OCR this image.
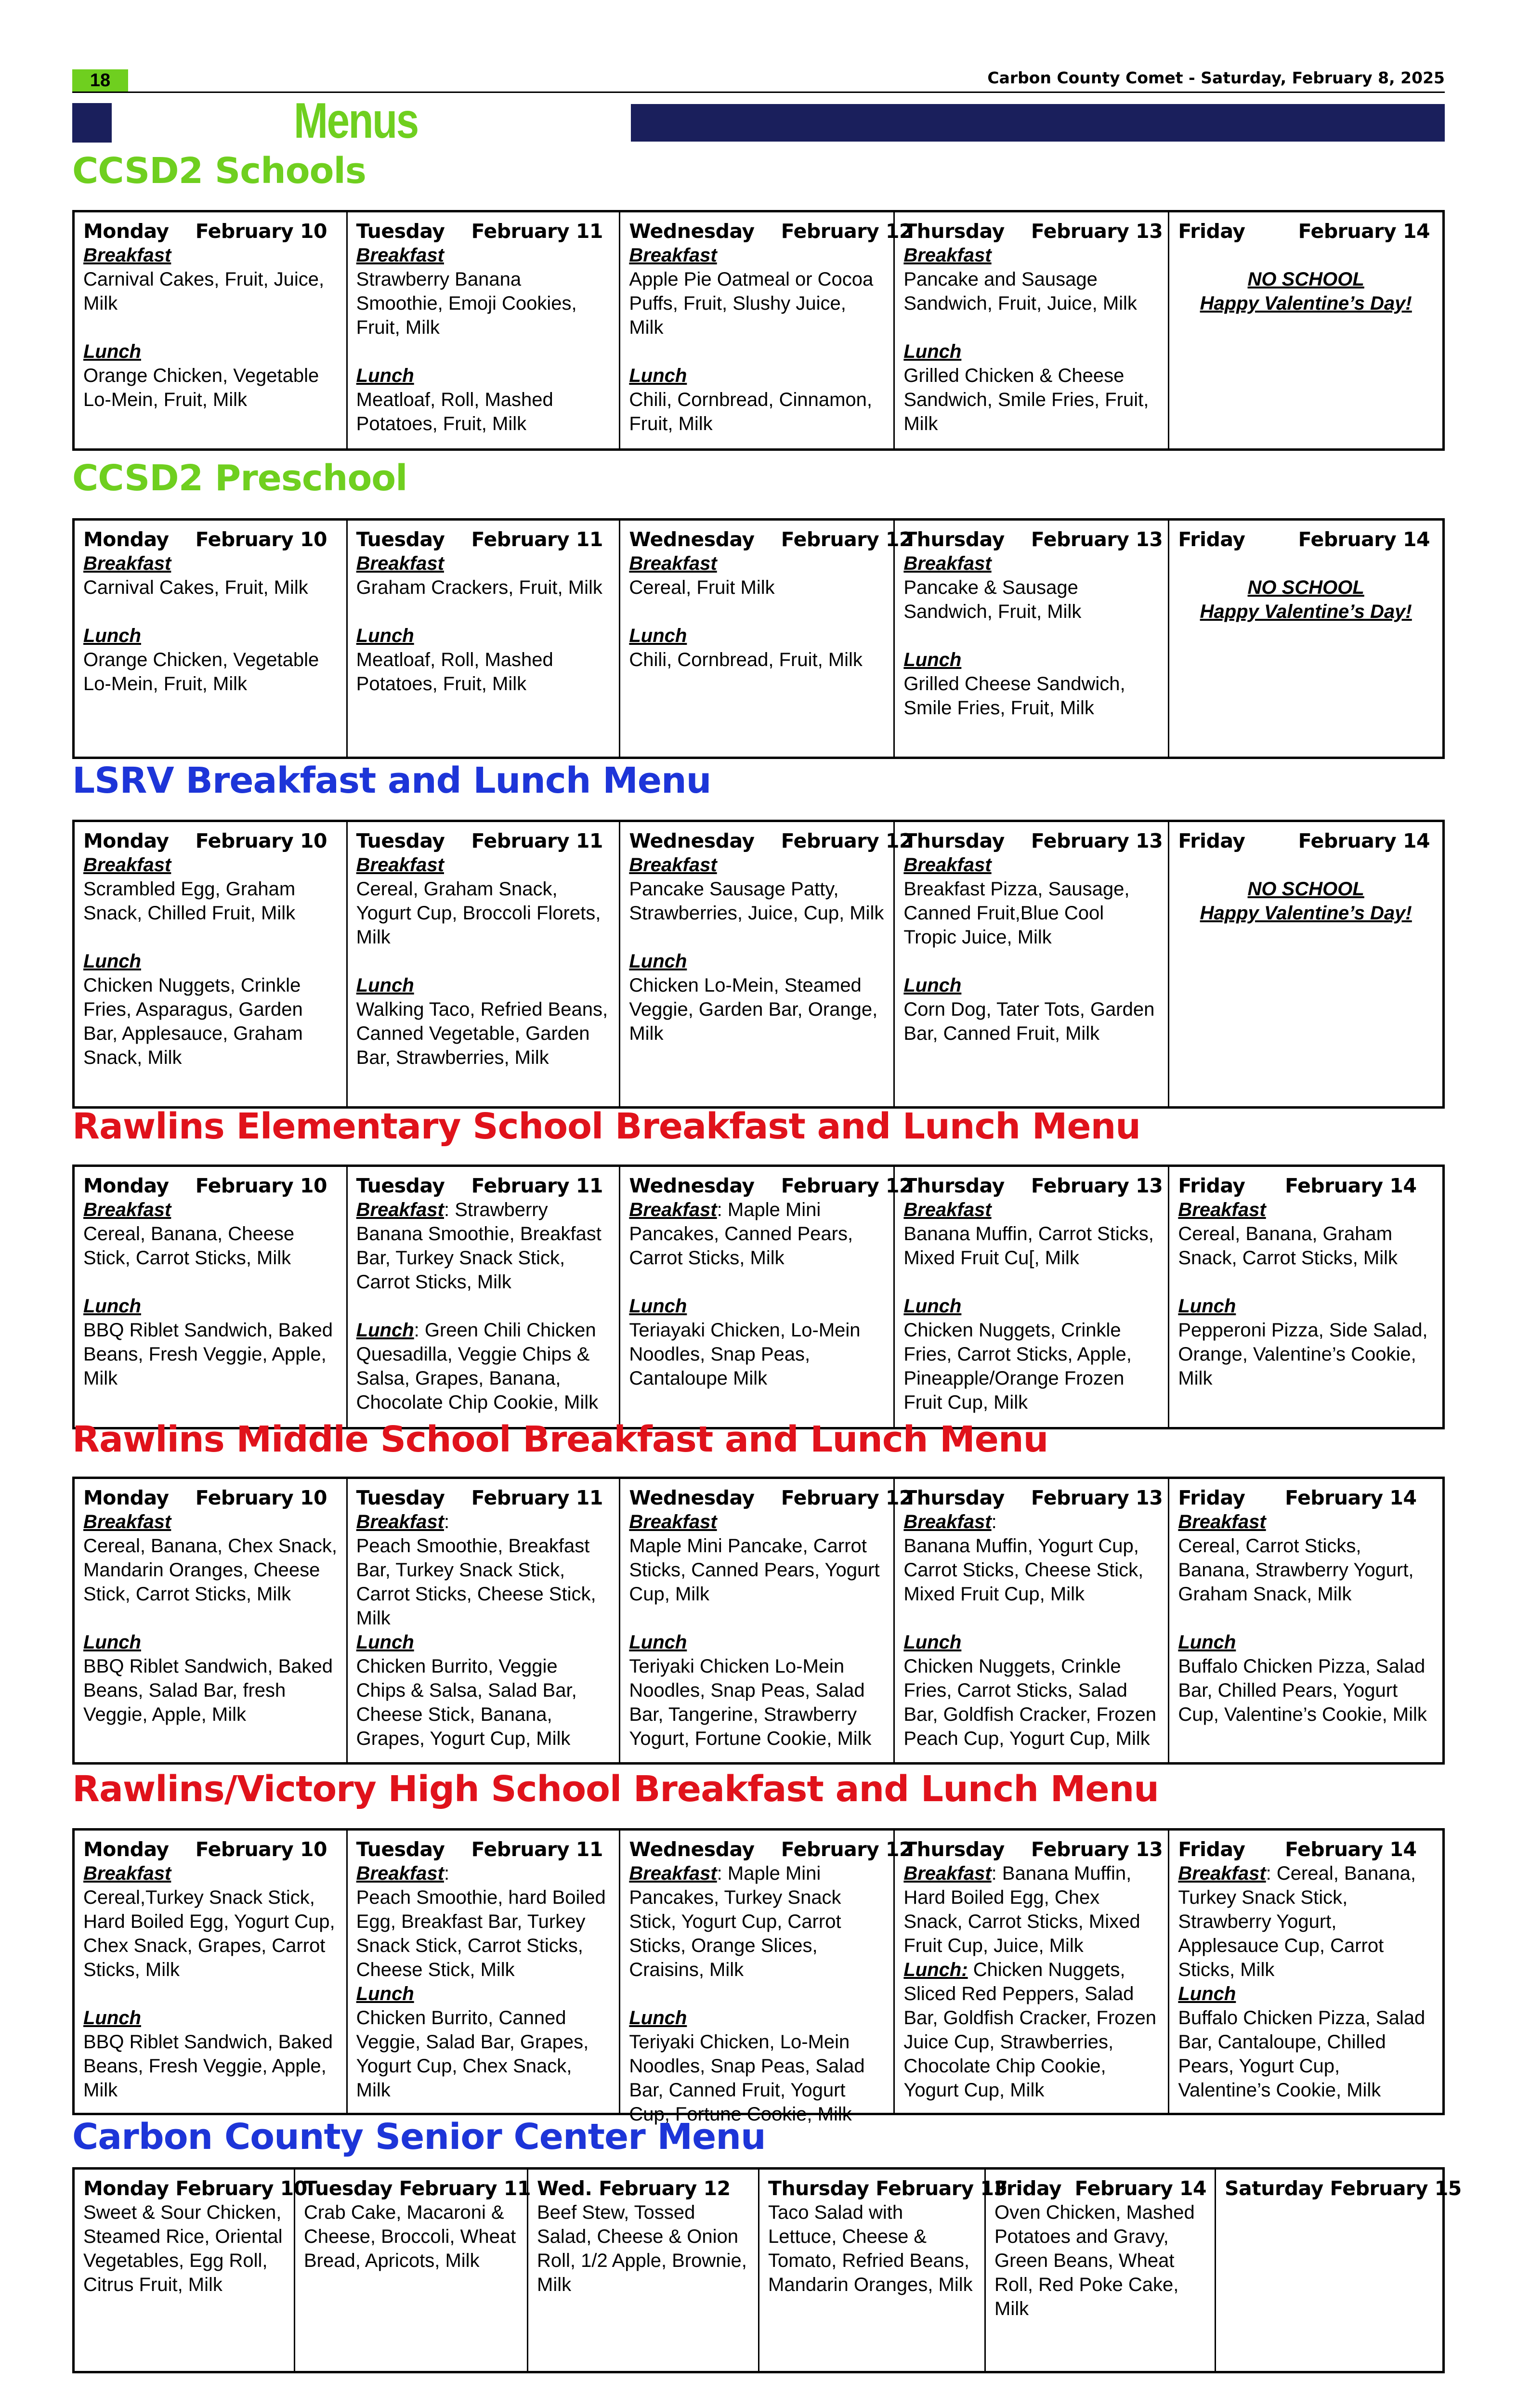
18	Carbon County Comet - Saturday, February 8, 2025
Menus
CCSD2 Schools
Monday    February 10
Breakfast
Carnival Cakes, Fruit, Juice, Milk
Lunch
Orange Chicken, Vegetable Lo-Mein, Fruit, Milk
Tuesday    February 11
Breakfast
Strawberry Banana Smoothie, Emoji Cookies, Fruit, Milk
Lunch
Meatloaf, Roll, Mashed Potatoes, Fruit, Milk
Wednesday    February 12
Breakfast
Apple Pie Oatmeal or Cocoa Puffs, Fruit, Slushy Juice, Milk
Lunch
Chili, Cornbread, Cinnamon, Fruit, Milk
Thursday    February 13
Breakfast
Pancake and Sausage Sandwich, Fruit, Juice, Milk
Lunch
Grilled Chicken & Cheese Sandwich, Smile Fries, Fruit, Milk
Friday        February 14
NO SCHOOL
Happy Valentine’s Day!
CCSD2 Preschool
Monday    February 10
Breakfast
Carnival Cakes, Fruit, Milk
Lunch
Orange Chicken, Vegetable Lo-Mein, Fruit, Milk
Tuesday    February 11
Breakfast
Graham Crackers, Fruit, Milk
Lunch
Meatloaf, Roll, Mashed Potatoes, Fruit, Milk
Wednesday    February 12
Breakfast
Cereal, Fruit Milk
Lunch
Chili, Cornbread, Fruit, Milk
Thursday    February 13
Breakfast
Pancake & Sausage Sandwich, Fruit, Milk
Lunch
Grilled Cheese Sandwich, Smile Fries, Fruit, Milk
Friday        February 14
NO SCHOOL
Happy Valentine’s Day!
LSRV Breakfast and Lunch Menu
Monday    February 10
Breakfast
Scrambled Egg, Graham Snack, Chilled Fruit, Milk
Lunch
Chicken Nuggets, Crinkle Fries, Asparagus, Garden Bar, Applesauce, Graham Snack, Milk
Tuesday    February 11
Breakfast
Cereal, Graham Snack, Yogurt Cup, Broccoli Florets, Milk
Lunch
Walking Taco, Refried Beans, Canned Vegetable, Garden Bar, Strawberries, Milk
Wednesday    February 12
Breakfast
Pancake Sausage Patty, Strawberries, Juice, Cup, Milk
Lunch
Chicken Lo-Mein, Steamed Veggie, Garden Bar, Orange, Milk
Thursday    February 13
Breakfast
Breakfast Pizza, Sausage, Canned Fruit,Blue Cool Tropic Juice, Milk
Lunch
Corn Dog, Tater Tots, Garden Bar, Canned Fruit, Milk
Friday        February 14
NO SCHOOL
Happy Valentine’s Day!
Rawlins Elementary School Breakfast and Lunch Menu
Monday    February 10
Breakfast
Cereal, Banana, Cheese Stick, Carrot Sticks, Milk
Lunch
BBQ Riblet Sandwich, Baked Beans, Fresh Veggie, Apple, Milk
Tuesday    February 11
Breakfast: Strawberry Banana Smoothie, Breakfast Bar, Turkey Snack Stick, Carrot Sticks, Milk
Lunch: Green Chili Chicken Quesadilla, Veggie Chips & Salsa, Grapes, Banana, Chocolate Chip Cookie, Milk
Wednesday    February 12
Breakfast: Maple Mini Pancakes, Canned Pears, Carrot Sticks, Milk
Lunch
Teriayaki Chicken, Lo-Mein Noodles, Snap Peas, Cantaloupe Milk
Thursday    February 13
Breakfast
Banana Muffin, Carrot Sticks, Mixed Fruit Cu[, Milk
Lunch
Chicken Nuggets, Crinkle Fries, Carrot Sticks, Apple, Pineapple/Orange Frozen Fruit Cup, Milk
Friday      February 14
Breakfast
Cereal, Banana, Graham Snack, Carrot Sticks, Milk
Lunch
Pepperoni Pizza, Side Salad, Orange, Valentine’s Cookie, Milk
Rawlins Middle School Breakfast and Lunch Menu
Monday    February 10
Breakfast
Cereal, Banana, Chex Snack, Mandarin Oranges, Cheese Stick, Carrot Sticks, Milk
Lunch
BBQ Riblet Sandwich, Baked Beans, Salad Bar, fresh Veggie, Apple, Milk
Tuesday    February 11
Breakfast:
Peach Smoothie, Breakfast Bar, Turkey Snack Stick, Carrot Sticks, Cheese Stick, Milk
Lunch
Chicken Burrito, Veggie Chips & Salsa, Salad Bar, Cheese Stick, Banana, Grapes, Yogurt Cup, Milk
Wednesday    February 12
Breakfast
Maple Mini Pancake, Carrot Sticks, Canned Pears, Yogurt Cup, Milk
Lunch
Teriyaki Chicken Lo-Mein Noodles, Snap Peas, Salad Bar, Tangerine, Strawberry Yogurt, Fortune Cookie, Milk
Thursday    February 13
Breakfast:
Banana Muffin, Yogurt Cup, Carrot Sticks, Cheese Stick, Mixed Fruit Cup, Milk
Lunch
Chicken Nuggets, Crinkle Fries, Carrot Sticks, Salad Bar, Goldfish Cracker, Frozen Peach Cup, Yogurt Cup, Milk
Friday      February 14
Breakfast
Cereal, Carrot Sticks, Banana, Strawberry Yogurt, Graham Snack, Milk
Lunch
Buffalo Chicken Pizza, Salad Bar, Chilled Pears, Yogurt Cup, Valentine’s Cookie, Milk
Rawlins/Victory High School Breakfast and Lunch Menu
Monday    February 10
Breakfast
Cereal,Turkey Snack Stick, Hard Boiled Egg, Yogurt Cup, Chex Snack, Grapes, Carrot Sticks, Milk
Lunch
BBQ Riblet Sandwich, Baked Beans, Fresh Veggie, Apple, Milk
Tuesday    February 11
Breakfast:
Peach Smoothie, hard Boiled Egg, Breakfast Bar, Turkey Snack Stick, Carrot Sticks, Cheese Stick, Milk
Lunch
Chicken Burrito, Canned Veggie, Salad Bar, Grapes, Yogurt Cup, Chex Snack, Milk
Wednesday    February 12
Breakfast: Maple Mini Pancakes, Turkey Snack Stick, Yogurt Cup, Carrot Sticks, Orange Slices, Craisins, Milk
Lunch
Teriyaki Chicken, Lo-Mein Noodles, Snap Peas, Salad Bar, Canned Fruit, Yogurt Cup, Fortune Cookie, Milk
Thursday    February 13
Breakfast: Banana Muffin, Hard Boiled Egg, Chex Snack, Carrot Sticks, Mixed Fruit Cup, Juice, Milk
Lunch: Chicken Nuggets, Sliced Red Peppers, Salad Bar, Goldfish Cracker, Frozen Juice Cup, Strawberries, Chocolate Chip Cookie, Yogurt Cup, Milk
Friday      February 14
Breakfast: Cereal, Banana, Turkey Snack Stick, Strawberry Yogurt, Applesauce Cup, Carrot Sticks, Milk
Lunch
Buffalo Chicken Pizza, Salad Bar, Cantaloupe, Chilled Pears, Yogurt Cup, Valentine’s Cookie, Milk
Carbon County Senior Center Menu
Monday February 10
Sweet & Sour Chicken, Steamed Rice, Oriental Vegetables, Egg Roll, Citrus Fruit, Milk
Tuesday February 11
Crab Cake, Macaroni & Cheese, Broccoli, Wheat Bread, Apricots, Milk
Wed. February 12
Beef Stew, Tossed Salad, Cheese & Onion Roll, 1/2 Apple, Brownie, Milk
Thursday February 13
Taco Salad with Lettuce, Cheese & Tomato, Refried Beans, Mandarin Oranges, Milk
Friday  February 14
Oven Chicken, Mashed Potatoes and Gravy, Green Beans, Wheat Roll, Red Poke Cake, Milk
Saturday February 15
